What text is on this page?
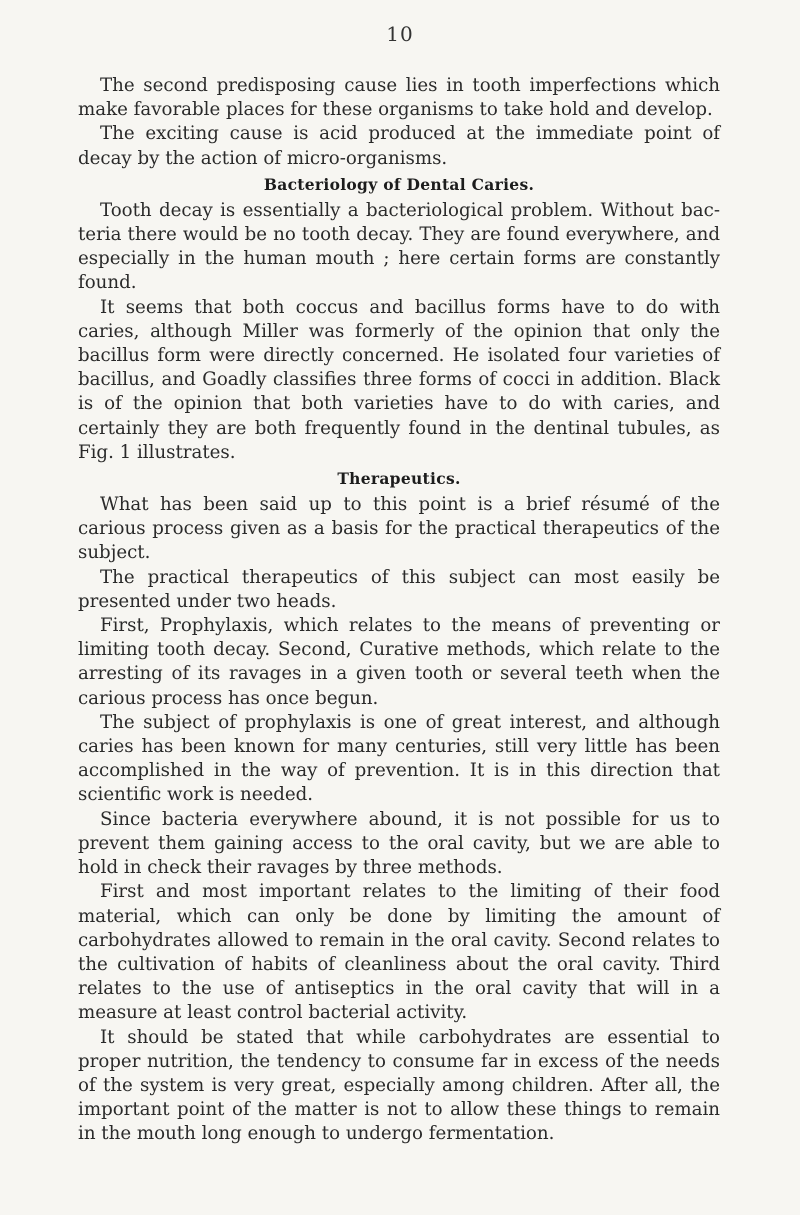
10

The second predisposing cause lies in tooth imperfections which make favorable places for these organisms to take hold and develop.

The exciting cause is acid produced at the immediate point of decay by the action of micro-organisms.

Bacteriology of Dental Caries.

Tooth decay is essentially a bacteriological problem. Without bacteria there would be no tooth decay. They are found everywhere, and especially in the human mouth ; here certain forms are constantly found.

It seems that both coccus and bacillus forms have to do with caries, although Miller was formerly of the opinion that only the bacillus form were directly concerned. He isolated four varieties of bacillus, and Goadly classifies three forms of cocci in addition. Black is of the opinion that both varieties have to do with caries, and certainly they are both frequently found in the dentinal tubules, as Fig. 1 illustrates.

Therapeutics.

What has been said up to this point is a brief résumé of the carious process given as a basis for the practical therapeutics of the subject.

The practical therapeutics of this subject can most easily be presented under two heads.

First, Prophylaxis, which relates to the means of preventing or limiting tooth decay. Second, Curative methods, which relate to the arresting of its ravages in a given tooth or several teeth when the carious process has once begun.

The subject of prophylaxis is one of great interest, and although caries has been known for many centuries, still very little has been accomplished in the way of prevention. It is in this direction that scientific work is needed.

Since bacteria everywhere abound, it is not possible for us to prevent them gaining access to the oral cavity, but we are able to hold in check their ravages by three methods.

First and most important relates to the limiting of their food material, which can only be done by limiting the amount of carbohydrates allowed to remain in the oral cavity. Second relates to the cultivation of habits of cleanliness about the oral cavity. Third relates to the use of antiseptics in the oral cavity that will in a measure at least control bacterial activity.

It should be stated that while carbohydrates are essential to proper nutrition, the tendency to consume far in excess of the needs of the system is very great, especially among children. After all, the important point of the matter is not to allow these things to remain in the mouth long enough to undergo fermentation.
